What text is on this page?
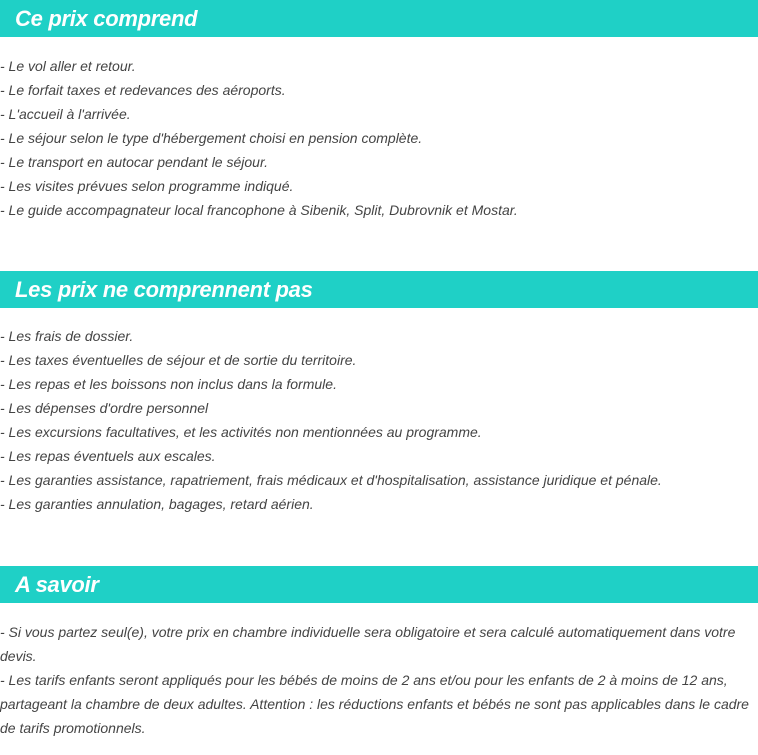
Ce prix comprend
- Le vol aller et retour.
- Le forfait taxes et redevances des aéroports.
- L'accueil à l'arrivée.
- Le séjour selon le type d'hébergement choisi en pension complète.
- Le transport en autocar pendant le séjour.
- Les visites prévues selon programme indiqué.
- Le guide accompagnateur local francophone à Sibenik, Split, Dubrovnik et Mostar.
Les prix ne comprennent pas
- Les frais de dossier.
- Les taxes éventuelles de séjour et de sortie du territoire.
- Les repas et les boissons non inclus dans la formule.
- Les dépenses d'ordre personnel
- Les excursions facultatives, et les activités non mentionnées au programme.
- Les repas éventuels aux escales.
- Les garanties assistance, rapatriement, frais médicaux et d'hospitalisation, assistance juridique et pénale.
- Les garanties annulation, bagages, retard aérien.
A savoir

- Si vous partez seul(e), votre prix en chambre individuelle sera obligatoire et sera calculé automatiquement dans votre devis.

- Les tarifs enfants seront appliqués pour les bébés de moins de 2 ans et/ou pour les enfants de 2 à moins de 12 ans, partageant la chambre de deux adultes. Attention : les réductions enfants et bébés ne sont pas applicables dans le cadre de tarifs promotionnels.
